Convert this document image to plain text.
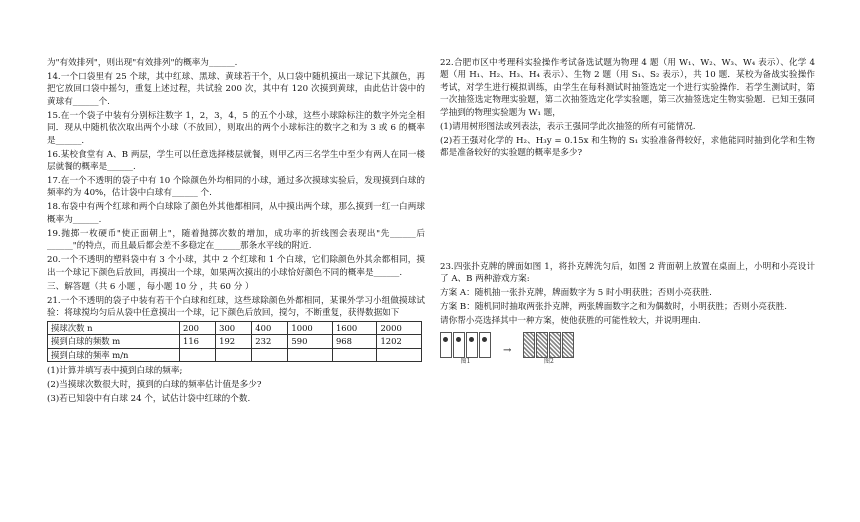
为"有效排列"，则出现"有效排列"的概率为______.

14.一个口袋里有 25 个球，其中红球、黑球、黄球若干个，从口袋中随机摸出一球记下其颜色，再把它放回口袋中摇匀，重复上述过程，共试验 200 次，其中有 120 次摸到黄球，由此估计袋中的黄球有______个.

15.在一个袋子中装有分别标注数字 1，2，3，4，5 的五个小球，这些小球除标注的数字外完全相同．现从中随机依次取出两个小球（不放回），则取出的两个小球标注的数字之和为 3 或 6 的概率是______.

16.某校食堂有 A、B 两层，学生可以任意选择楼层就餐，则甲乙丙三名学生中至少有两人在同一楼层就餐的概率是______.

17.在一个不透明的袋子中有 10 个除颜色外均相同的小球，通过多次摸球实验后，发现摸到白球的频率约为 40%，估计袋中白球有______ 个.

18.布袋中有两个红球和两个白球除了颜色外其他都相同，从中摸出两个球，那么摸到一红一白两球概率为______.

19.抛掷一枚硬币"使正面朝上"，随着抛掷次数的增加，成功率的折线图会表现出"先______后______"的特点，而且最后都会差不多稳定在______那条水平线的附近.

20.一个不透明的塑料袋中有 3 个小球，其中 2 个红球和 1 个白球，它们除颜色外其余都相同，摸出一个球记下颜色后放回，再摸出一个球，如果两次摸出的小球恰好颜色不同的概率是______.

三、解答题（共 6 小题 ，每小题 10 分 ，共 60 分 ）

21.一个不透明的袋子中装有若干个白球和红球，这些球除颜色外都相同，某课外学习小组做摸球试验：将球搅均匀后从袋中任意摸出一个球，记下颜色后放回，搅匀，不断重复，获得数据如下

摸球次数 n	200	300	400	1000	1600	2000
摸到白球的频数 m	116	192	232	590	968	1202
摸到白球的频率 m/n						

(1)计算并填写表中摸到白球的频率;

(2)当摸球次数很大时，摸到的白球的频率估计值是多少?

(3)若已知袋中有白球 24 个，试估计袋中红球的个数.

22.合肥市区中考理科实验操作考试备选试题为物理 4 题（用 W₁、W₂、W₃、W₄ 表示）、化学 4 题（用 H₁、H₂、H₃、H₄ 表示）、生物 2 题（用 S₁、S₂ 表示），共 10 题．某校为备战实验操作考试，对学生进行模拟训练，由学生在每科测试时抽签选定一个进行实验操作．若学生测试时，第一次抽签选定物理实验题，第二次抽签选定化学实验题，第三次抽签选定生物实验题．已知王强同学抽到的物理实验题为 W₁ 题，

(1)请用树形图法或列表法，表示王强同学此次抽签的所有可能情况.

(2)若王强对化学的 H₂、H₃y = 0.15x 和生物的 S₁ 实验准备得较好，求他能同时抽到化学和生物都是准备较好的实验题的概率是多少?

23.四张扑克牌的牌面如图 1，将扑克牌洗匀后，如图 2 背面朝上放置在桌面上，小明和小亮设计了 A、B 两种游戏方案:

方案 A：随机抽一张扑克牌，牌面数字为 5 时小明获胜；否则小亮获胜.

方案 B：随机同时抽取两张扑克牌，两张牌面数字之和为偶数时，小明获胜；否则小亮获胜.

请你帮小亮选择其中一种方案，使他获胜的可能性较大，并说明理由.

图1
→
图2
